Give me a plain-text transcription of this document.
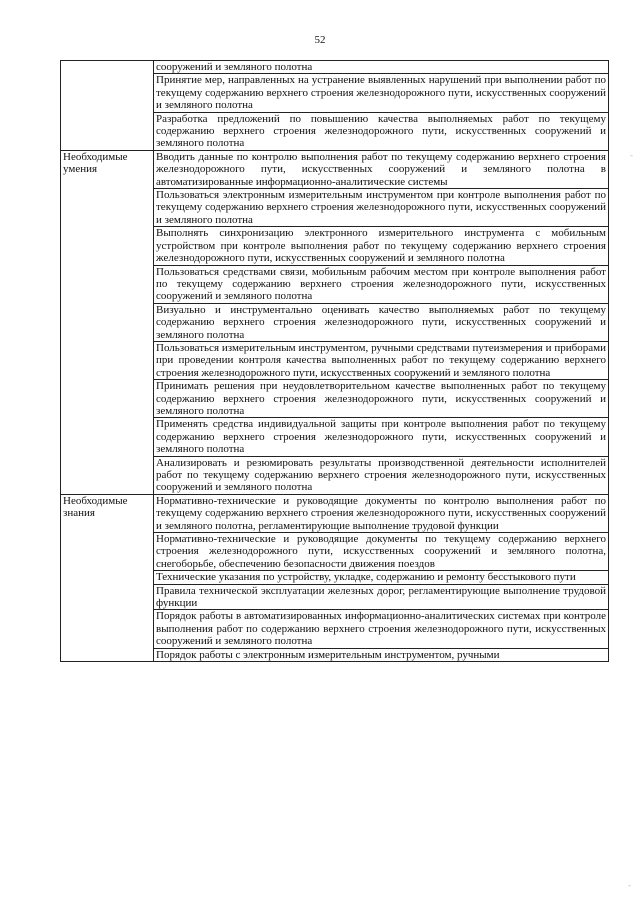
52
	сооружений и земляного полотна
	Принятие мер, направленных на устранение выявленных нарушений при выполнении работ по текущему содержанию верхнего строения железнодорожного пути, искусственных сооружений и земляного полотна
	Разработка предложений по повышению качества выполняемых работ по текущему содержанию верхнего строения железнодорожного пути, искусственных сооружений и земляного полотна
Необходимые умения	Вводить данные по контролю выполнения работ по текущему содержанию верхнего строения железнодорожного пути, искусственных сооружений и земляного полотна в автоматизированные информационно-аналитические системы
	Пользоваться электронным измерительным инструментом при контроле выполнения работ по текущему содержанию верхнего строения железнодорожного пути, искусственных сооружений и земляного полотна
	Выполнять синхронизацию электронного измерительного инструмента с мобильным устройством при контроле выполнения работ по текущему содержанию верхнего строения железнодорожного пути, искусственных сооружений и земляного полотна
	Пользоваться средствами связи, мобильным рабочим местом при контроле выполнения работ по текущему содержанию верхнего строения железнодорожного пути, искусственных сооружений и земляного полотна
	Визуально и инструментально оценивать качество выполняемых работ по текущему содержанию верхнего строения железнодорожного пути, искусственных сооружений и земляного полотна
	Пользоваться измерительным инструментом, ручными средствами путеизмерения и приборами при проведении контроля качества выполненных работ по текущему содержанию верхнего строения железнодорожного пути, искусственных сооружений и земляного полотна
	Принимать решения при неудовлетворительном качестве выполненных работ по текущему содержанию верхнего строения железнодорожного пути, искусственных сооружений и земляного полотна
	Применять средства индивидуальной защиты при контроле выполнения работ по текущему содержанию верхнего строения железнодорожного пути, искусственных сооружений и земляного полотна
	Анализировать и резюмировать результаты производственной деятельности исполнителей работ по текущему содержанию верхнего строения железнодорожного пути, искусственных сооружений и земляного полотна
Необходимые знания	Нормативно-технические и руководящие документы по контролю выполнения работ по текущему содержанию верхнего строения железнодорожного пути, искусственных сооружений и земляного полотна, регламентирующие выполнение трудовой функции
	Нормативно-технические и руководящие документы по текущему содержанию верхнего строения железнодорожного пути, искусственных сооружений и земляного полотна, снегоборьбе, обеспечению безопасности движения поездов
	Технические указания по устройству, укладке, содержанию и ремонту бесстыкового пути
	Правила технической эксплуатации железных дорог, регламентирующие выполнение трудовой функции
	Порядок работы в автоматизированных информационно-аналитических системах при контроле выполнения работ по содержанию верхнего строения железнодорожного пути, искусственных сооружений и земляного полотна
	Порядок работы с электронным измерительным инструментом, ручными
-
-
